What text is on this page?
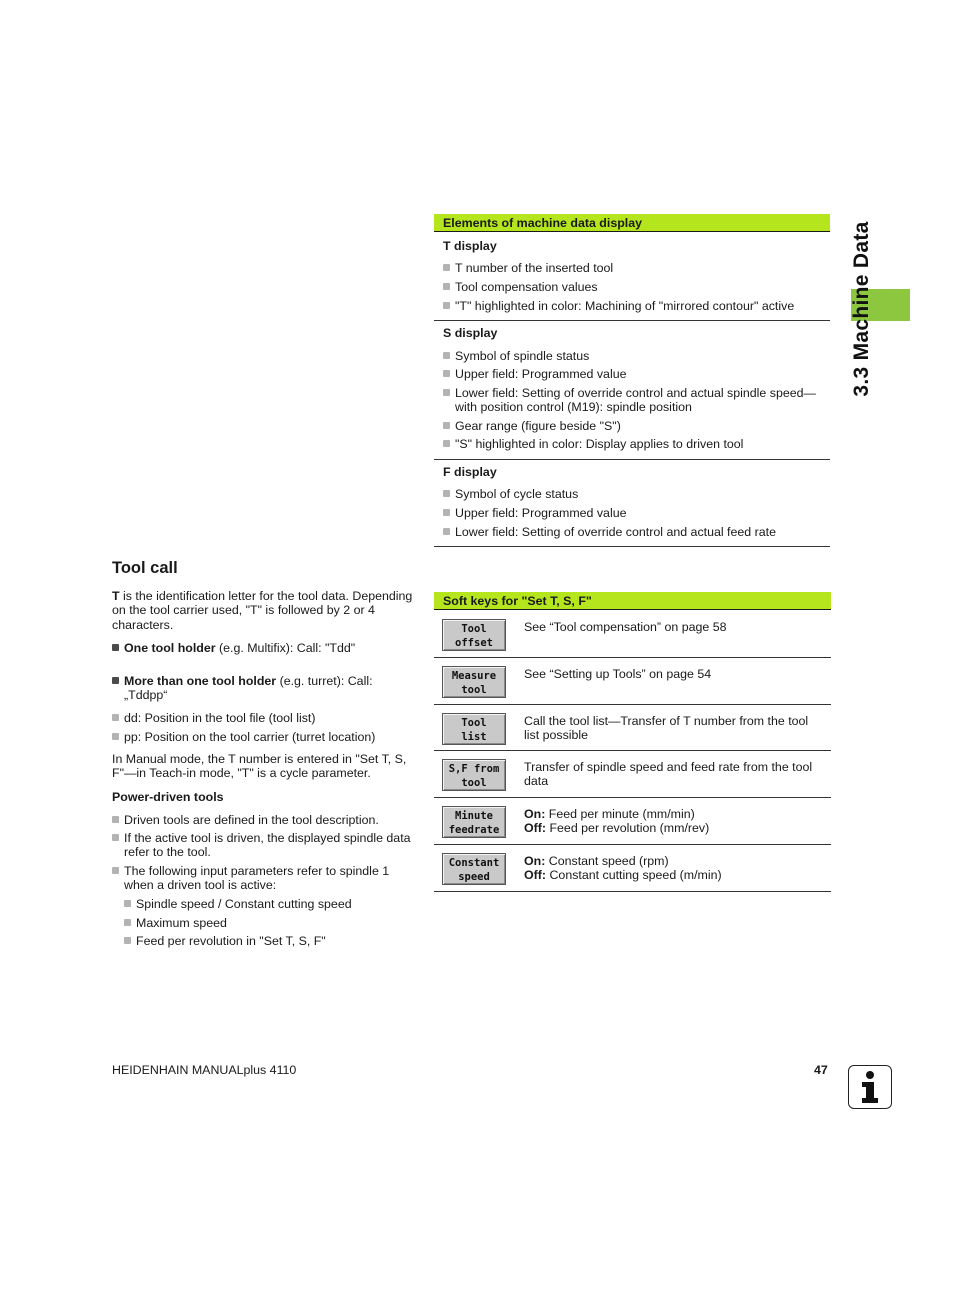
3.3 Machine Data
Elements of machine data display
T display
T number of the inserted tool
Tool compensation values
"T" highlighted in color: Machining of "mirrored contour" active
S display
Symbol of spindle status
Upper field: Programmed value
Lower field: Setting of override control and actual spindle speed—with position control (M19): spindle position
Gear range (figure beside "S")
"S" highlighted in color: Display applies to driven tool
F display
Symbol of cycle status
Upper field: Programmed value
Lower field: Setting of override control and actual feed rate
Soft keys for "Set T, S, F"
Tool
offset
See “Tool compensation” on page 58
Measure
tool
See “Setting up Tools” on page 54
Tool
list
Call the tool list—Transfer of T number from the tool list possible
S,F from
tool
Transfer of spindle speed and feed rate from the tool data
Minute
feedrate
On: Feed per minute (mm/min)
Off: Feed per revolution (mm/rev)
Constant
speed
On: Constant speed (rpm)
Off: Constant cutting speed (m/min)
Tool call
T is the identification letter for the tool data. Depending on the tool carrier used, "T" is followed by 2 or 4 characters.
One tool holder (e.g. Multifix): Call: "Tdd"
More than one tool holder (e.g. turret): Call: „Tddpp“
dd: Position in the tool file (tool list)
pp: Position on the tool carrier (turret location)
In Manual mode, the T number is entered in "Set T, S, F"—in Teach-in mode, "T" is a cycle parameter.
Power-driven tools
Driven tools are defined in the tool description.
If the active tool is driven, the displayed spindle data refer to the tool.
The following input parameters refer to spindle 1 when a driven tool is active:
Spindle speed / Constant cutting speed
Maximum speed
Feed per revolution in "Set T, S, F"
HEIDENHAIN MANUALplus 4110	47
